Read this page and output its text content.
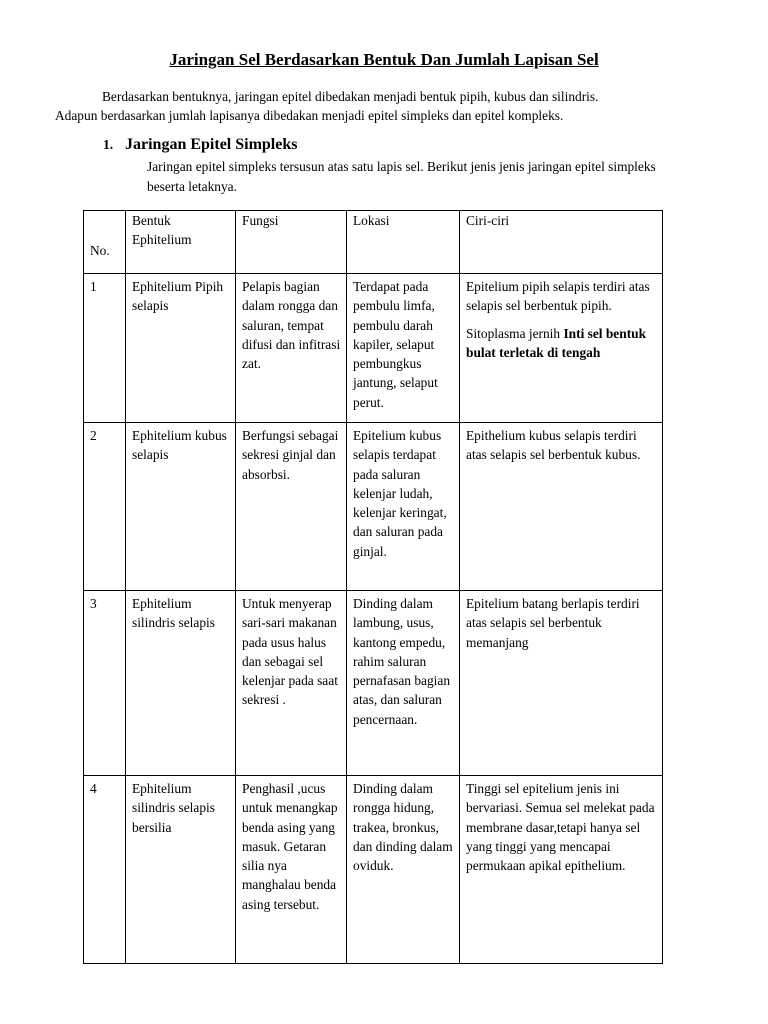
Jaringan Sel Berdasarkan Bentuk Dan Jumlah Lapisan Sel

Berdasarkan bentuknya, jaringan epitel dibedakan menjadi bentuk pipih, kubus dan silindris.

Adapun berdasarkan jumlah lapisanya dibedakan menjadi epitel simpleks dan epitel kompleks.

1. Jaringan Epitel Simpleks
Jaringan epitel simpleks tersusun atas satu lapis sel. Berikut jenis jenis jaringan epitel simpleks beserta letaknya.
No.	Bentuk Ephitelium	Fungsi	Lokasi	Ciri-ciri
1	Ephitelium Pipih selapis	Pelapis bagian dalam rongga dan saluran, tempat difusi dan infitrasi zat.	Terdapat pada pembulu limfa, pembulu darah kapiler, selaput pembungkus jantung, selaput perut.	Epitelium pipih selapis terdiri atas selapis sel berbentuk pipih.
Sitoplasma jernih Inti sel bentuk bulat terletak di tengah

2	Ephitelium kubus selapis	Berfungsi sebagai sekresi ginjal dan absorbsi.	Epitelium kubus selapis terdapat pada saluran kelenjar ludah, kelenjar keringat, dan saluran pada ginjal.	Epithelium kubus selapis terdiri atas selapis sel berbentuk kubus.
3	Ephitelium silindris selapis	Untuk menyerap sari-sari makanan pada usus halus dan sebagai sel kelenjar pada saat sekresi .	Dinding dalam lambung, usus, kantong empedu, rahim saluran pernafasan bagian atas, dan saluran pencernaan.	Epitelium batang berlapis terdiri atas selapis sel berbentuk memanjang
4	Ephitelium silindris selapis bersilia	Penghasil ,ucus untuk menangkap benda asing yang masuk. Getaran silia nya manghalau benda asing tersebut.	Dinding dalam rongga hidung, trakea, bronkus, dan dinding dalam oviduk.	Tinggi sel epitelium jenis ini bervariasi. Semua sel melekat pada membrane dasar,tetapi hanya sel yang tinggi yang mencapai permukaan apikal epithelium.
